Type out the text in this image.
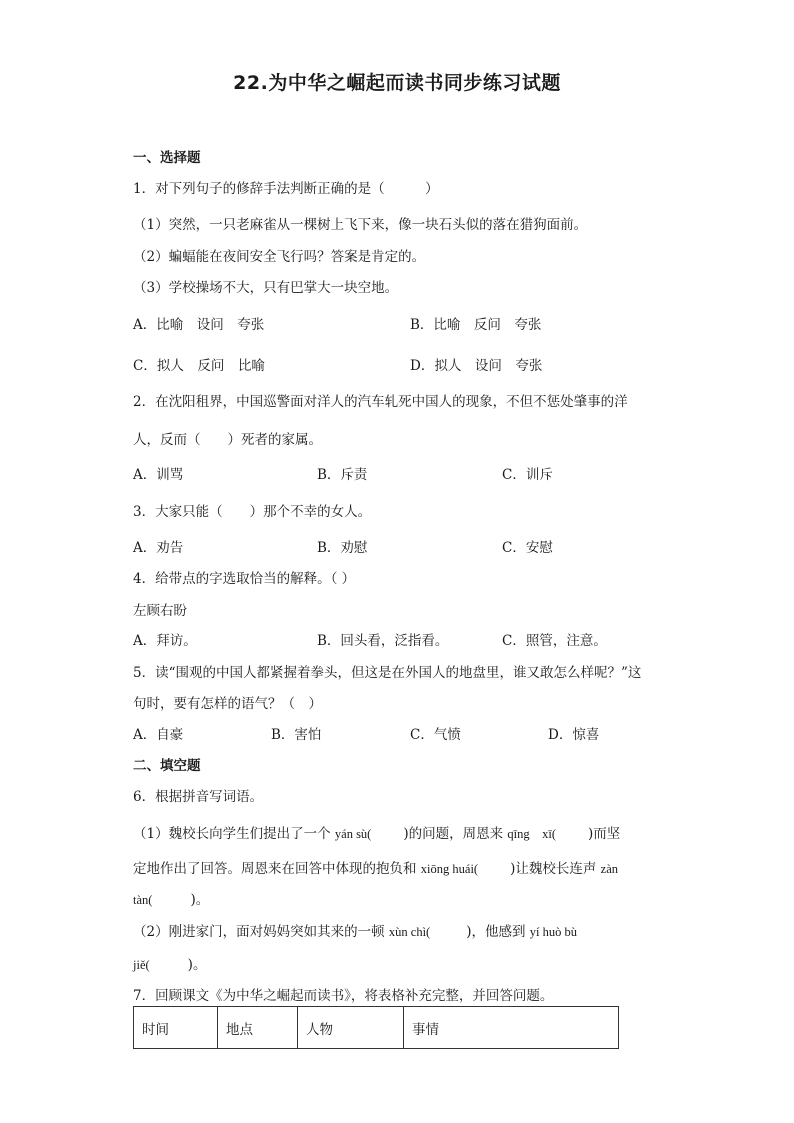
22.为中华之崛起而读书同步练习试题
一、选择题
1．对下列句子的修辞手法判断正确的是（　　　）
（1）突然，一只老麻雀从一棵树上飞下来，像一块石头似的落在猎狗面前。
（2）蝙蝠能在夜间安全飞行吗？答案是肯定的。
（3）学校操场不大，只有巴掌大一块空地。
A．比喻　设问　夸张	B．比喻　反问　夸张
C．拟人　反问　比喻	D．拟人　设问　夸张
2．在沈阳租界，中国巡警面对洋人的汽车轧死中国人的现象，不但不惩处肇事的洋
人，反而（　　）死者的家属。
A．训骂	B．斥责	C．训斥
3．大家只能（　　）那个不幸的女人。
A．劝告	B．劝慰	C．安慰
4．给带点的字选取恰当的解释。（ ）
左顾右盼
A．拜访。	B．回头看，泛指看。	C．照管，注意。
5．读“围观的中国人都紧握着拳头，但这是在外国人的地盘里，谁又敢怎么样呢？”这
句时，要有怎样的语气？（　）
A．自豪	B．害怕	C．气愤	D．惊喜
二、填空题
6．根据拼音写词语。
（1）魏校长向学生们提出了一个 yán sù( )的问题，周恩来 qīng　xī( )而坚
定地作出了回答。周恩来在回答中体现的抱负和 xiōng huái( )让魏校长连声 zàn
tàn(	)。
（2）刚进家门，面对妈妈突如其来的一顿 xùn chì(	)，他感到 yí huò bù
jiě(	)。
7．回顾课文《为中华之崛起而读书》，将表格补充完整，并回答问题。
时间	地点	人物	事情
